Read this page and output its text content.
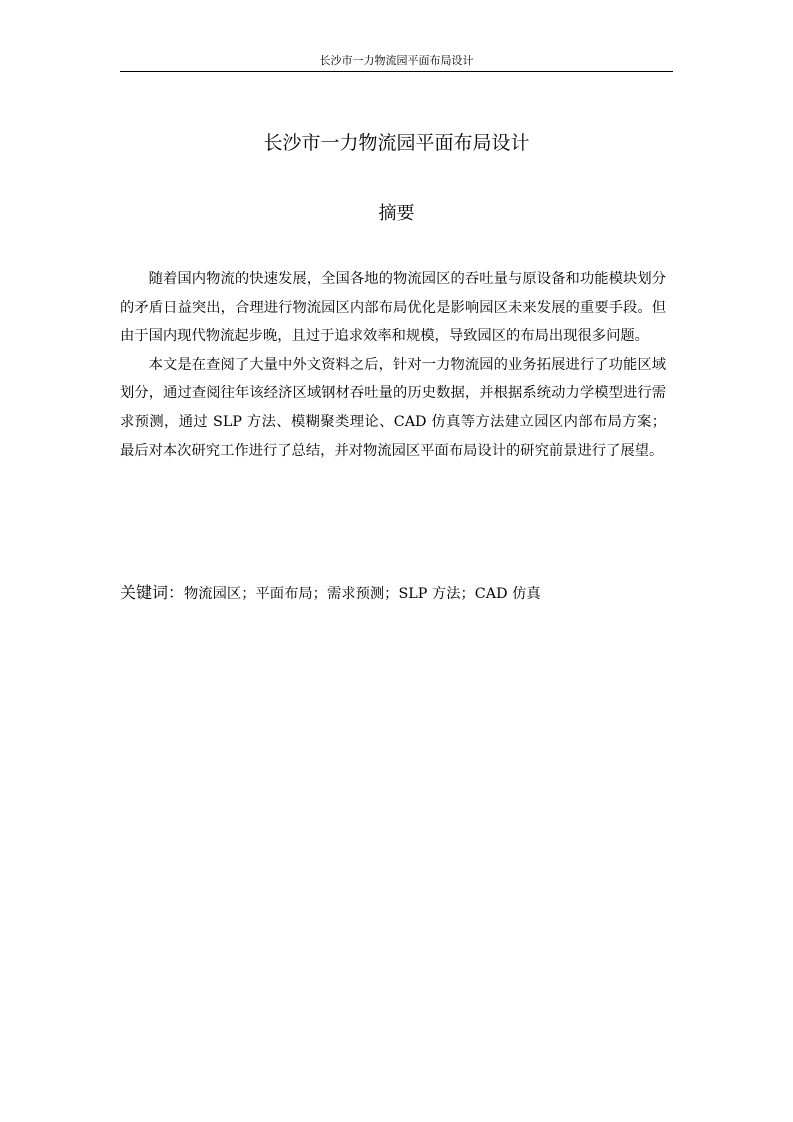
长沙市一力物流园平面布局设计
长沙市一力物流园平面布局设计
摘要

随着国内物流的快速发展，全国各地的物流园区的吞吐量与原设备和功能模块划分的矛盾日益突出，合理进行物流园区内部布局优化是影响园区未来发展的重要手段。但由于国内现代物流起步晚，且过于追求效率和规模，导致园区的布局出现很多问题。

本文是在查阅了大量中外文资料之后，针对一力物流园的业务拓展进行了功能区域划分，通过查阅往年该经济区域钢材吞吐量的历史数据，并根据系统动力学模型进行需求预测，通过 SLP 方法、模糊聚类理论、CAD 仿真等方法建立园区内部布局方案；最后对本次研究工作进行了总结，并对物流园区平面布局设计的研究前景进行了展望。

关键词：物流园区；平面布局；需求预测；SLP 方法；CAD 仿真
